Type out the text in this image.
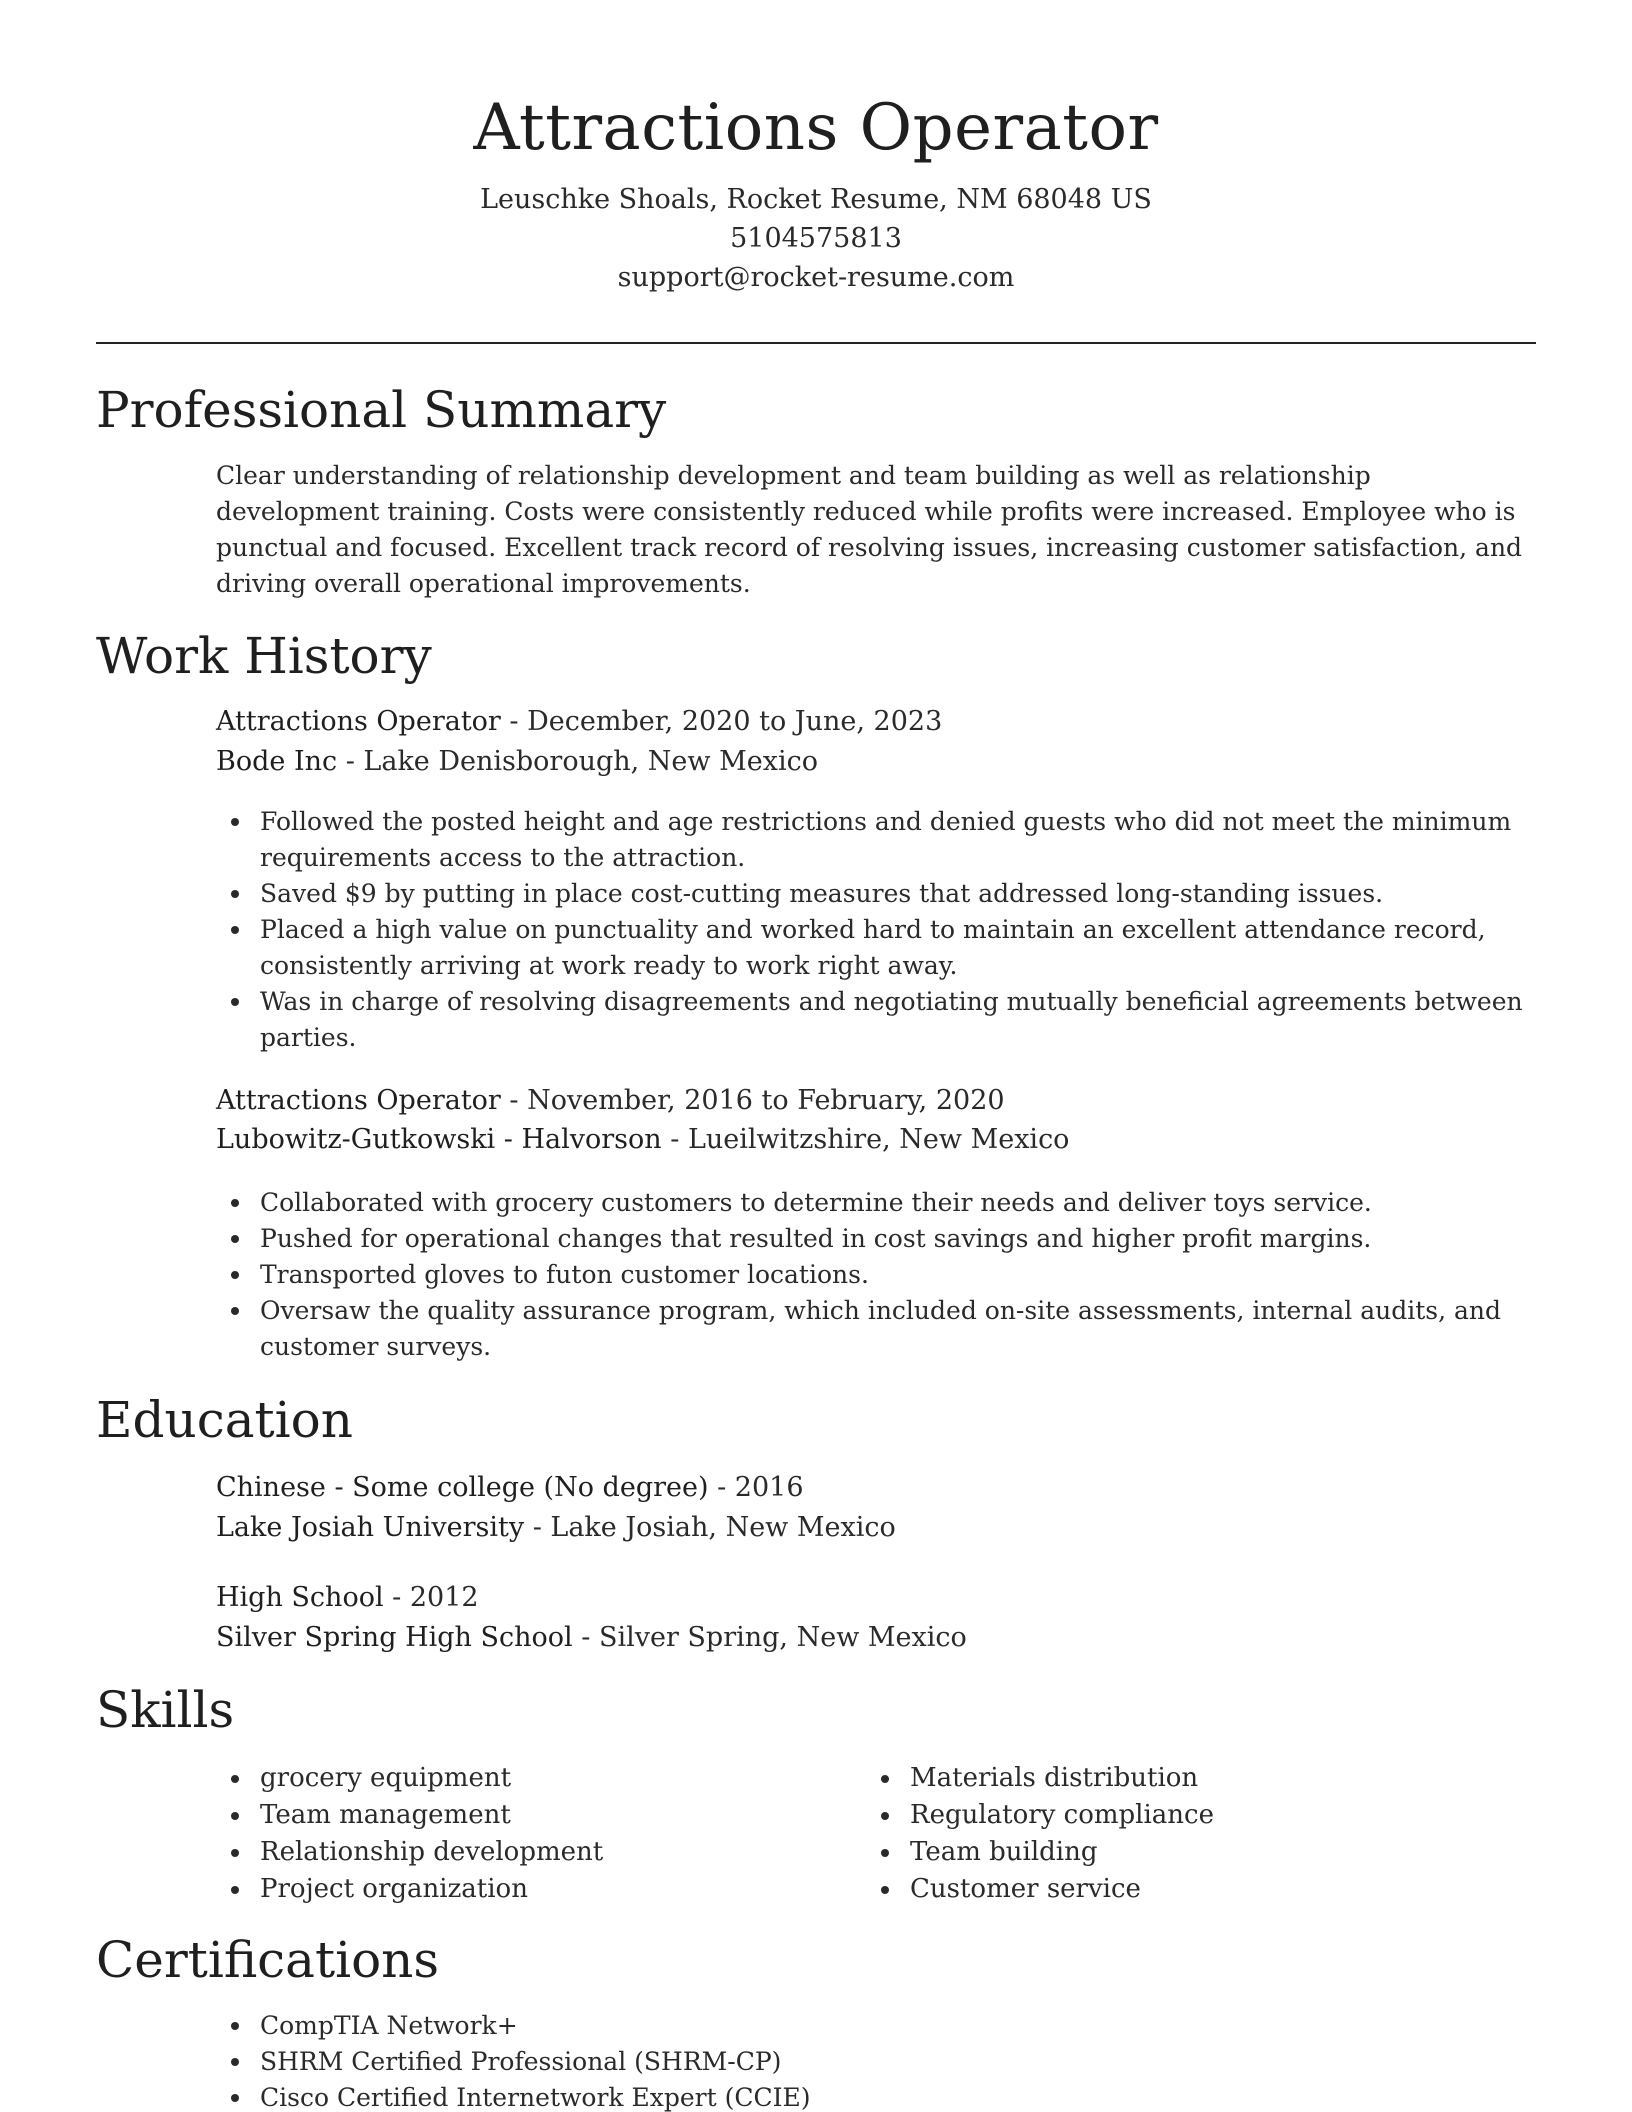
Attractions Operator
Leuschke Shoals, Rocket Resume, NM 68048 US
5104575813
support@rocket-resume.com
Professional Summary
Clear understanding of relationship development and team building as well as relationship development training. Costs were consistently reduced while profits were increased. Employee who is punctual and focused. Excellent track record of resolving issues, increasing customer satisfaction, and driving overall operational improvements.
Work History
Attractions Operator - December, 2020 to June, 2023
Bode Inc - Lake Denisborough, New Mexico
Followed the posted height and age restrictions and denied guests who did not meet the minimum requirements access to the attraction.
Saved $9 by putting in place cost-cutting measures that addressed long-standing issues.
Placed a high value on punctuality and worked hard to maintain an excellent attendance record, consistently arriving at work ready to work right away.
Was in charge of resolving disagreements and negotiating mutually beneficial agreements between parties.
Attractions Operator - November, 2016 to February, 2020
Lubowitz-Gutkowski - Halvorson - Lueilwitzshire, New Mexico
Collaborated with grocery customers to determine their needs and deliver toys service.
Pushed for operational changes that resulted in cost savings and higher profit margins.
Transported gloves to futon customer locations.
Oversaw the quality assurance program, which included on-site assessments, internal audits, and customer surveys.
Education
Chinese - Some college (No degree) - 2016
Lake Josiah University - Lake Josiah, New Mexico
High School - 2012
Silver Spring High School - Silver Spring, New Mexico
Skills
grocery equipment
Team management
Relationship development
Project organization
Materials distribution
Regulatory compliance
Team building
Customer service
Certifications
CompTIA Network+
SHRM Certified Professional (SHRM-CP)
Cisco Certified Internetwork Expert (CCIE)
